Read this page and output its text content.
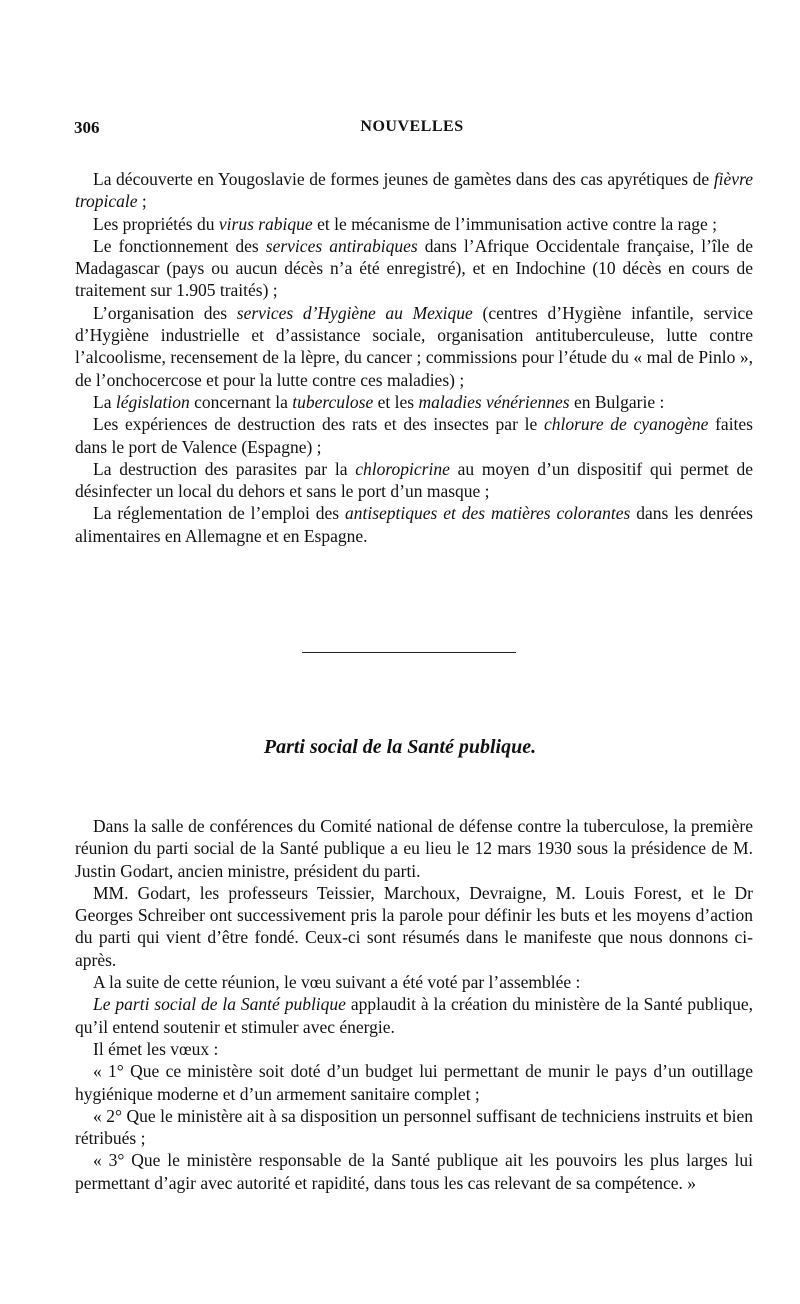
306	NOUVELLES

La découverte en Yougoslavie de formes jeunes de gamètes dans des cas apyrétiques de fièvre tropicale ;

Les propriétés du virus rabique et le mécanisme de l’immunisation active contre la rage ;

Le fonctionnement des services antirabiques dans l’Afrique Occidentale française, l’île de Madagascar (pays ou aucun décès n’a été enregistré), et en Indochine (10 décès en cours de traitement sur 1.905 traités) ;

L’organisation des services d’Hygiène au Mexique (centres d’Hygiène infantile, service d’Hygiène industrielle et d’assistance sociale, organisation antituberculeuse, lutte contre l’alcoolisme, recensement de la lèpre, du cancer ; commissions pour l’étude du « mal de Pinlo », de l’onchocercose et pour la lutte contre ces maladies) ;

La législation concernant la tuberculose et les maladies vénériennes en Bulgarie :

Les expériences de destruction des rats et des insectes par le chlorure de cyanogène faites dans le port de Valence (Espagne) ;

La destruction des parasites par la chloropicrine au moyen d’un dispositif qui permet de désinfecter un local du dehors et sans le port d’un masque ;

La réglementation de l’emploi des antiseptiques et des matières colorantes dans les denrées alimentaires en Allemagne et en Espagne.

Parti social de la Santé publique.

Dans la salle de conférences du Comité national de défense contre la tuberculose, la première réunion du parti social de la Santé publique a eu lieu le 12 mars 1930 sous la présidence de M. Justin Godart, ancien ministre, président du parti.

MM. Godart, les professeurs Teissier, Marchoux, Devraigne, M. Louis Forest, et le Dr Georges Schreiber ont successivement pris la parole pour définir les buts et les moyens d’action du parti qui vient d’être fondé. Ceux-ci sont résumés dans le manifeste que nous donnons ci-après.

A la suite de cette réunion, le vœu suivant a été voté par l’assemblée :

Le parti social de la Santé publique applaudit à la création du ministère de la Santé publique, qu’il entend soutenir et stimuler avec énergie.

Il émet les vœux :

« 1° Que ce ministère soit doté d’un budget lui permettant de munir le pays d’un outillage hygiénique moderne et d’un armement sanitaire complet ;

« 2° Que le ministère ait à sa disposition un personnel suffisant de techniciens instruits et bien rétribués ;

« 3° Que le ministère responsable de la Santé publique ait les pouvoirs les plus larges lui permettant d’agir avec autorité et rapidité, dans tous les cas relevant de sa compétence. »
